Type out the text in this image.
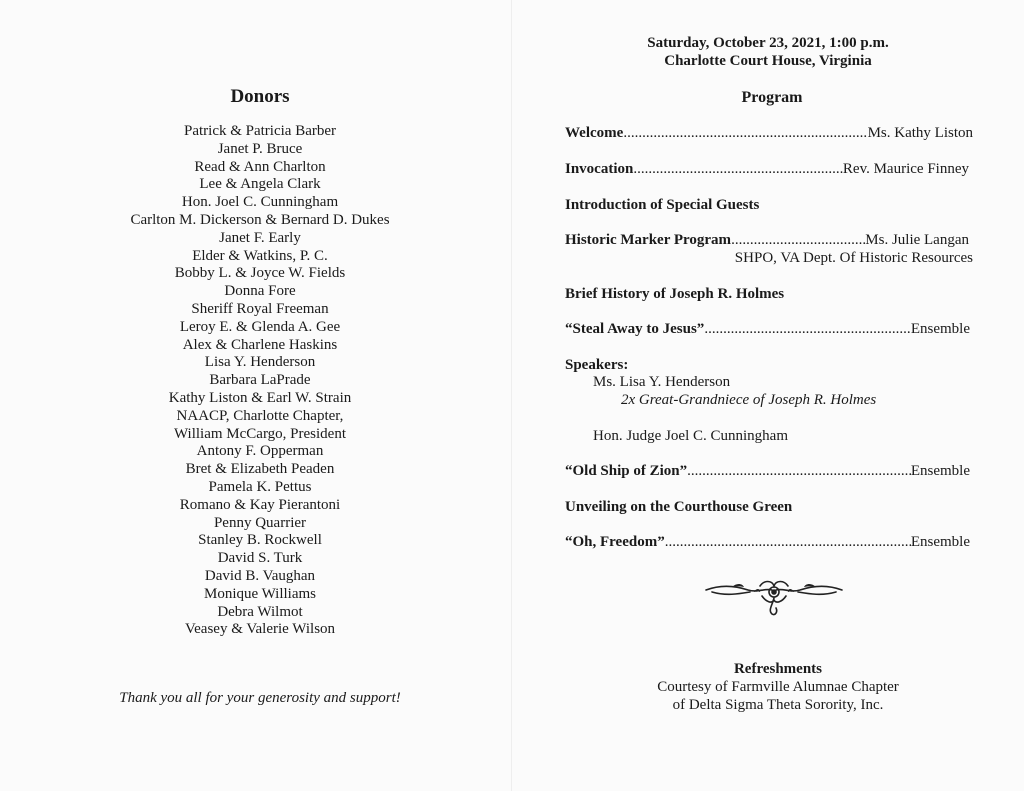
Donors
Patrick & Patricia Barber
Janet P. Bruce
Read & Ann Charlton
Lee & Angela Clark
Hon. Joel C. Cunningham
Carlton M. Dickerson & Bernard D. Dukes
Janet F. Early
Elder & Watkins, P. C.
Bobby L. & Joyce W. Fields
Donna Fore
Sheriff Royal Freeman
Leroy E. & Glenda A. Gee
Alex & Charlene Haskins
Lisa Y. Henderson
Barbara LaPrade
Kathy Liston & Earl W. Strain
NAACP, Charlotte Chapter,
William McCargo, President
Antony F. Opperman
Bret & Elizabeth Peaden
Pamela K. Pettus
Romano & Kay Pierantoni
Penny Quarrier
Stanley B. Rockwell
David S. Turk
David B. Vaughan
Monique Williams
Debra Wilmot
Veasey & Valerie Wilson
Thank you all for your generosity and support!
Saturday, October 23, 2021, 1:00 p.m.
Charlotte Court House, Virginia
Program
Welcome .....	Ms. Kathy Liston
Invocation .....	Rev. Maurice Finney
Introduction of Special Guests
Historic Marker Program .....	Ms. Julie Langan
SHPO, VA Dept. Of Historic Resources
Brief History of Joseph R. Holmes
“Steal Away to Jesus” .....	Ensemble
Speakers:
Ms. Lisa Y. Henderson
2x Great-Grandniece of Joseph R. Holmes
Hon. Judge Joel C. Cunningham
“Old Ship of Zion” .....	Ensemble
Unveiling on the Courthouse Green
“Oh, Freedom” .....	Ensemble
Refreshments
Courtesy of Farmville Alumnae Chapter
of Delta Sigma Theta Sorority, Inc.
